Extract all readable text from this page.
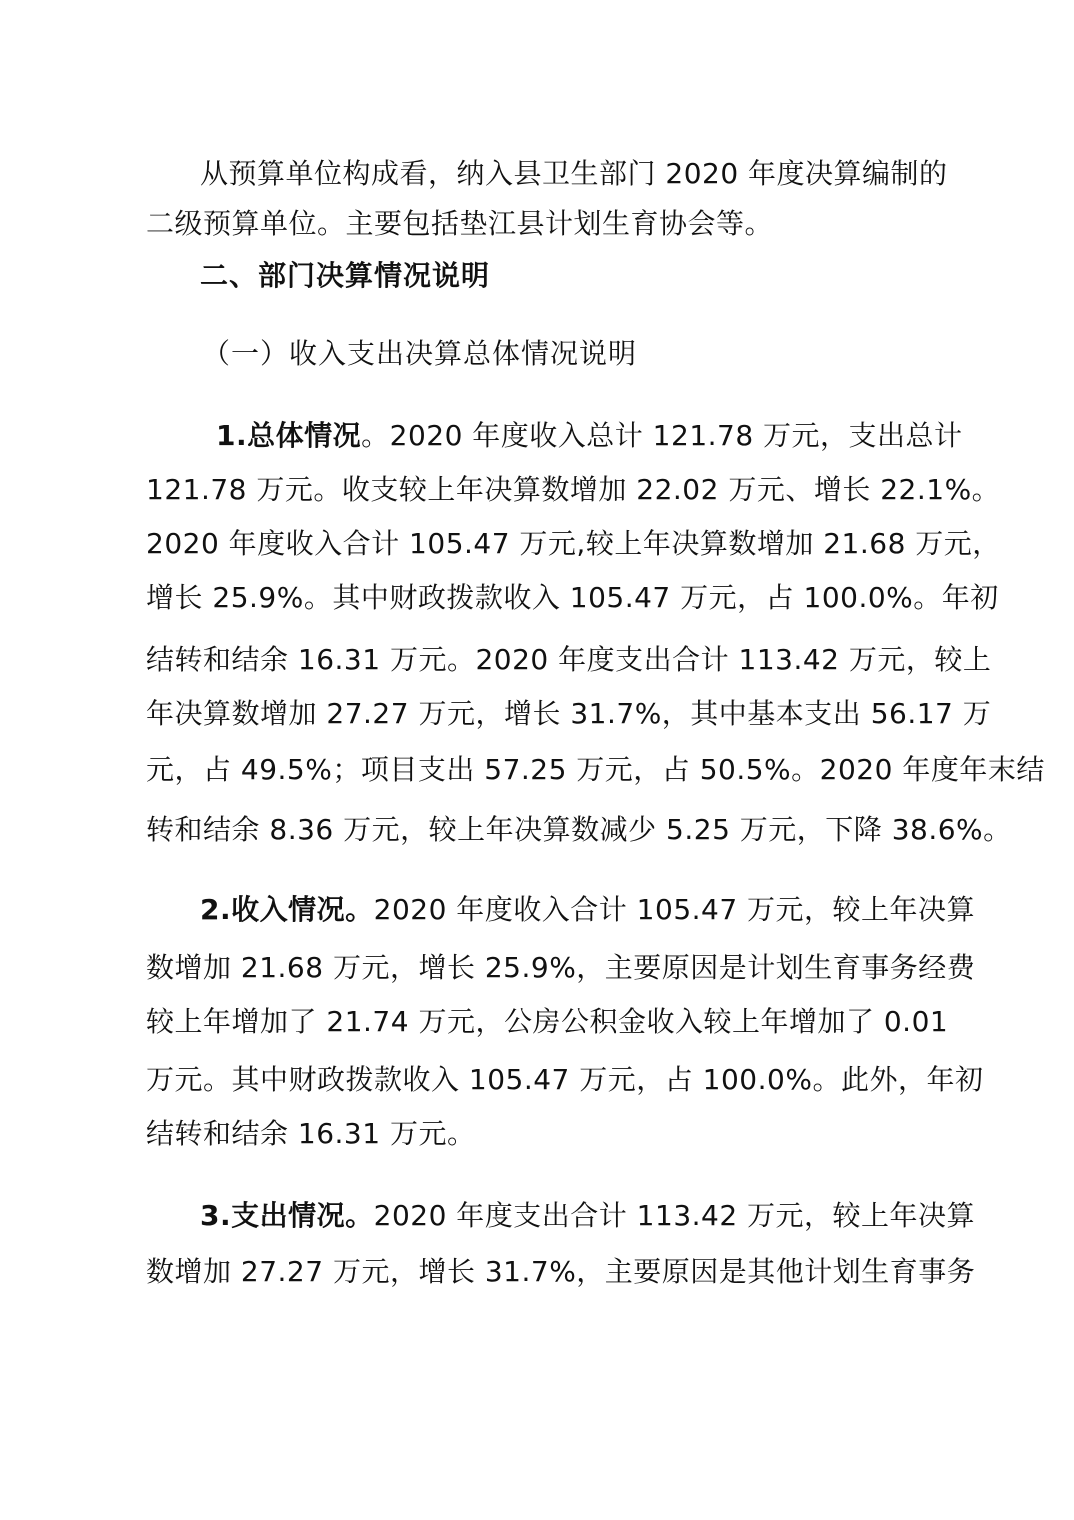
从预算单位构成看，纳入县卫生部门 2020 年度决算编制的
二级预算单位。主要包括垫江县计划生育协会等。
二、部门决算情况说明
（一）收入支出决算总体情况说明
1.总体情况。2020 年度收入总计 121.78 万元，支出总计
121.78 万元。收支较上年决算数增加 22.02 万元、增长 22.1%。
2020 年度收入合计 105.47 万元,较上年决算数增加 21.68 万元，
增长 25.9%。其中财政拨款收入 105.47 万元，占 100.0%。年初
结转和结余 16.31 万元。2020 年度支出合计 113.42 万元，较上
年决算数增加 27.27 万元，增长 31.7%，其中基本支出 56.17 万
元，占 49.5%；项目支出 57.25 万元，占 50.5%。2020 年度年末结
转和结余 8.36 万元，较上年决算数减少 5.25 万元，下降 38.6%。
2.收入情况。2020 年度收入合计 105.47 万元，较上年决算
数增加 21.68 万元，增长 25.9%，主要原因是计划生育事务经费
较上年增加了 21.74 万元，公房公积金收入较上年增加了 0.01
万元。其中财政拨款收入 105.47 万元，占 100.0%。此外，年初
结转和结余 16.31 万元。
3.支出情况。2020 年度支出合计 113.42 万元，较上年决算
数增加 27.27 万元，增长 31.7%，主要原因是其他计划生育事务
